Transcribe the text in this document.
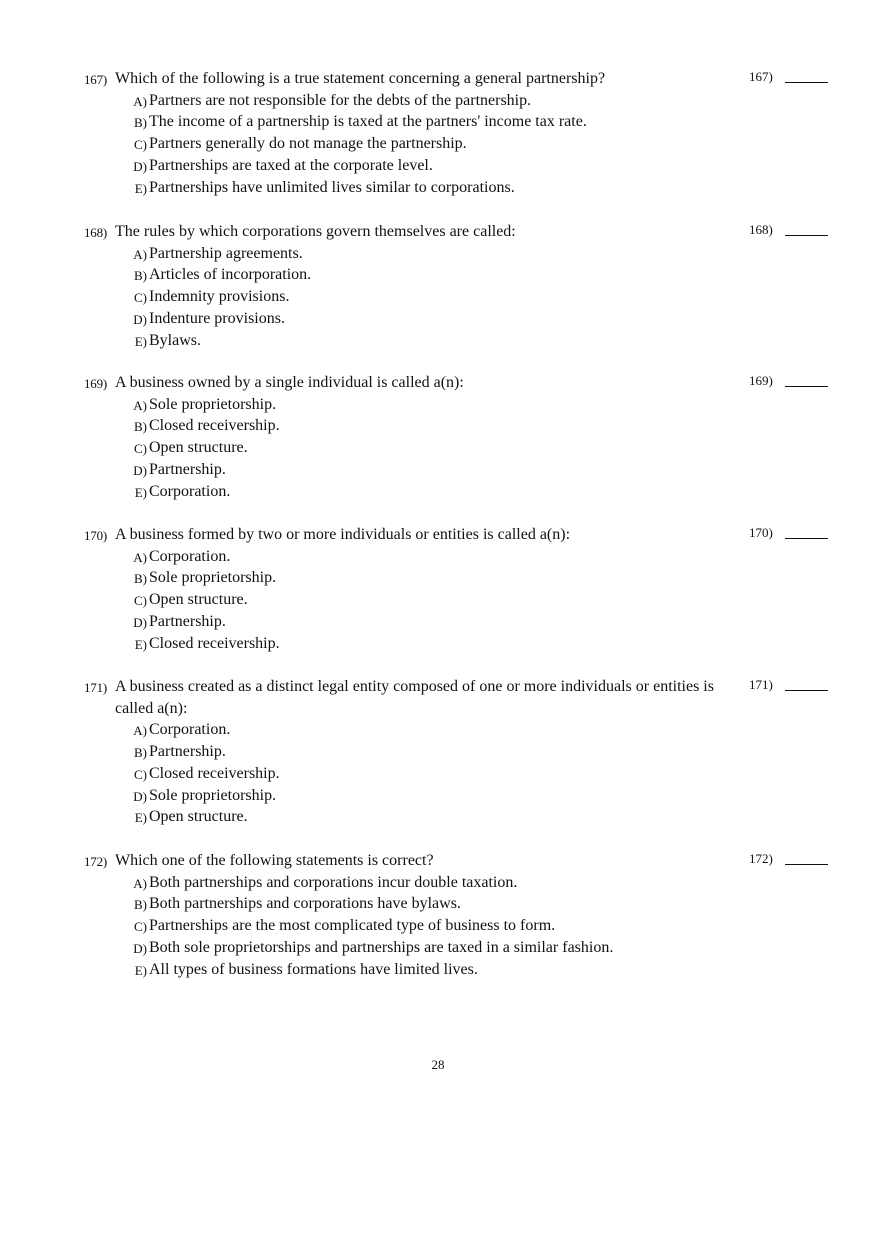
167) Which of the following is a true statement concerning a general partnership?
A) Partners are not responsible for the debts of the partnership.
B) The income of a partnership is taxed at the partners' income tax rate.
C) Partners generally do not manage the partnership.
D) Partnerships are taxed at the corporate level.
E) Partnerships have unlimited lives similar to corporations.
167)
168) The rules by which corporations govern themselves are called:
A) Partnership agreements.
B) Articles of incorporation.
C) Indemnity provisions.
D) Indenture provisions.
E) Bylaws.
168)
169) A business owned by a single individual is called a(n):
A) Sole proprietorship.
B) Closed receivership.
C) Open structure.
D) Partnership.
E) Corporation.
169)
170) A business formed by two or more individuals or entities is called a(n):
A) Corporation.
B) Sole proprietorship.
C) Open structure.
D) Partnership.
E) Closed receivership.
170)
171) A business created as a distinct legal entity composed of one or more individuals or entities is called a(n):
A) Corporation.
B) Partnership.
C) Closed receivership.
D) Sole proprietorship.
E) Open structure.
171)
172) Which one of the following statements is correct?
A) Both partnerships and corporations incur double taxation.
B) Both partnerships and corporations have bylaws.
C) Partnerships are the most complicated type of business to form.
D) Both sole proprietorships and partnerships are taxed in a similar fashion.
E) All types of business formations have limited lives.
172)
28
